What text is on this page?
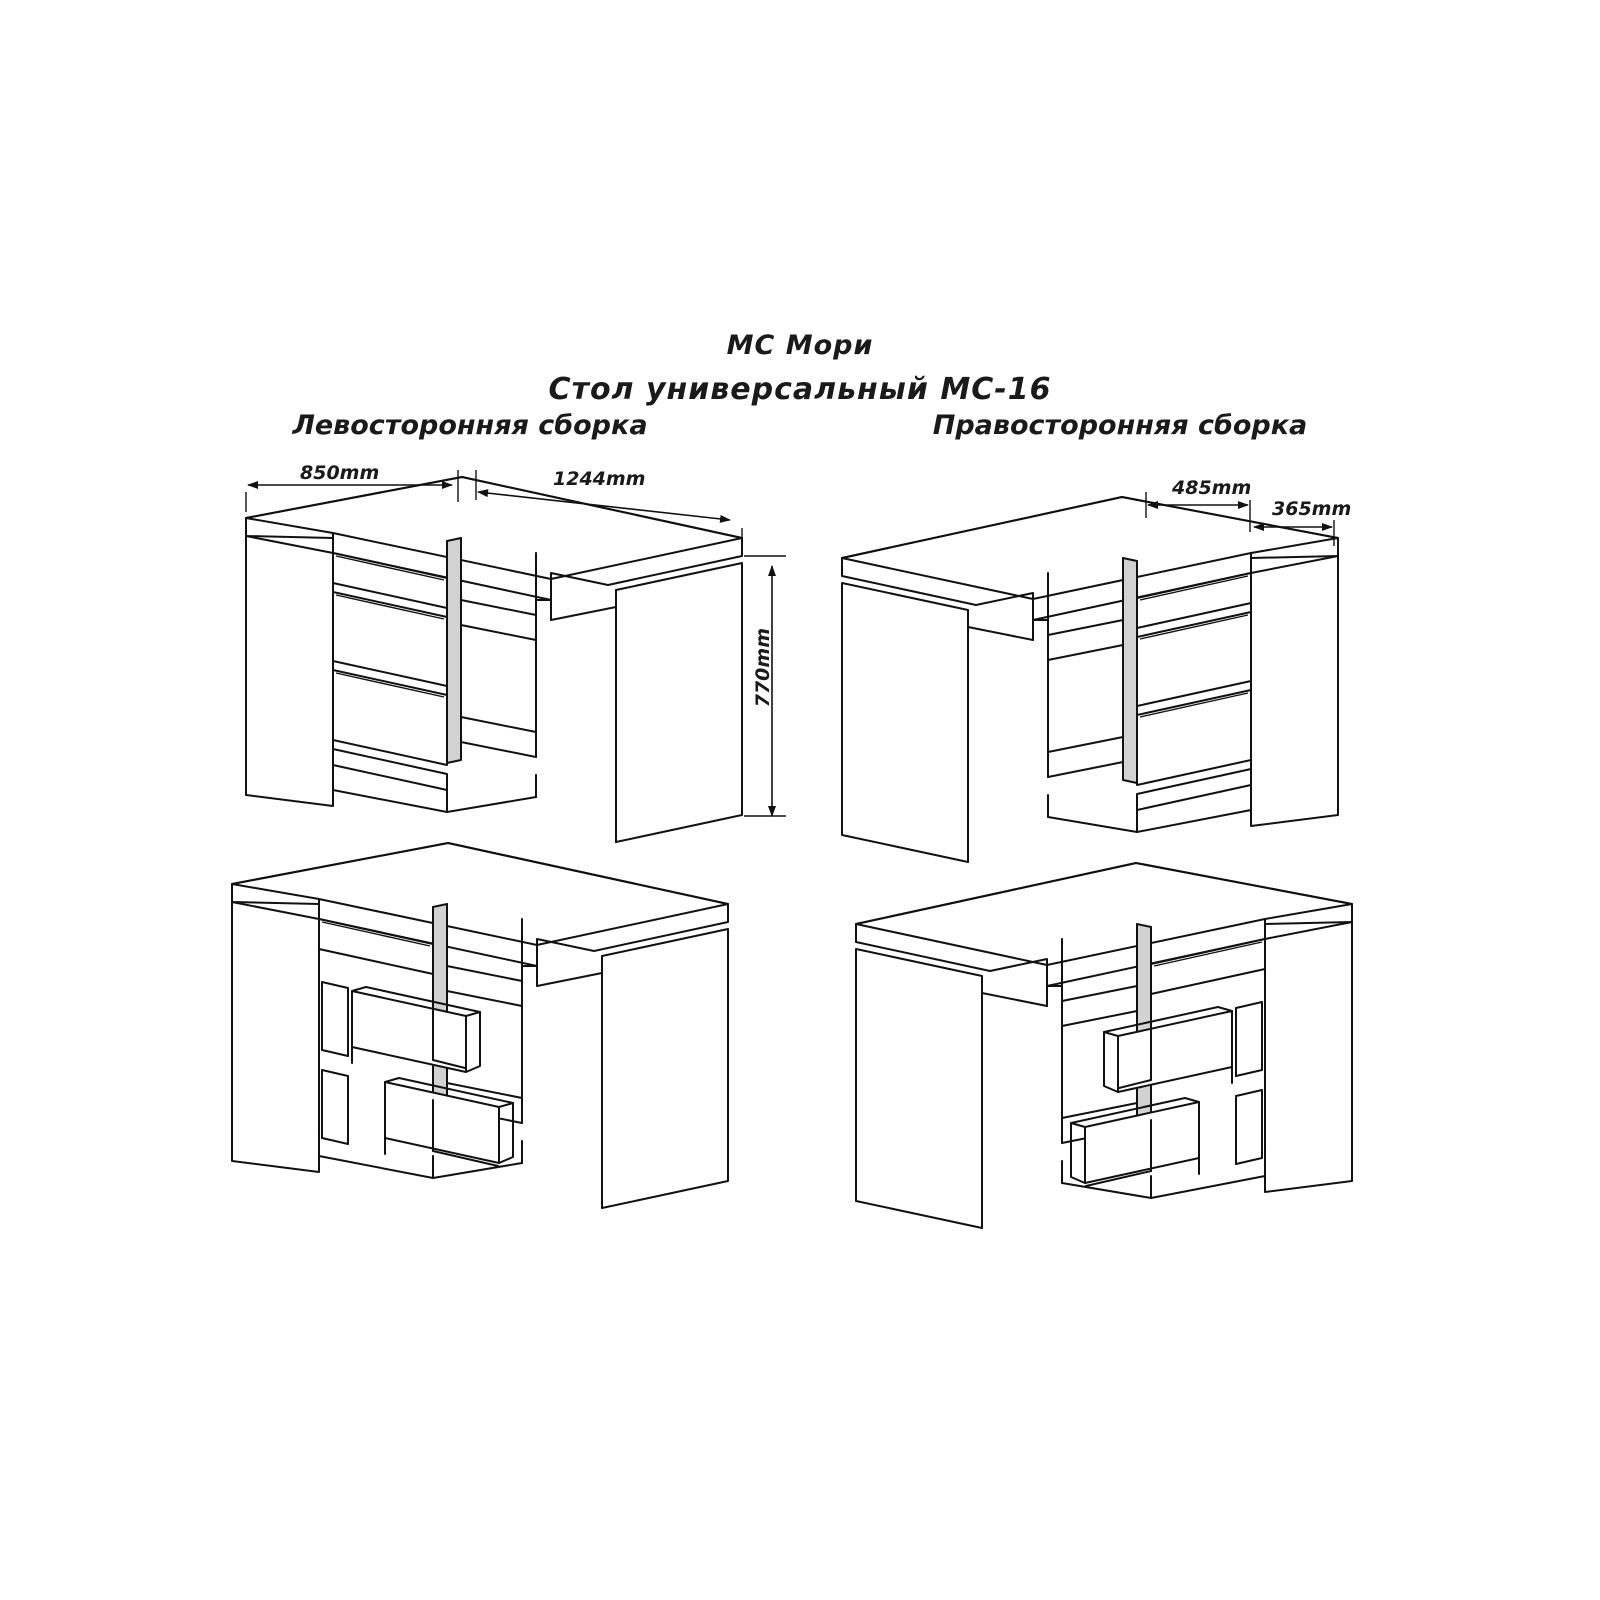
МС Мори
Стол универсальный МС-16
Левосторонняя сборка	Правосторонняя сборка
850mm	1244mm	485mm
365mm
770mm
